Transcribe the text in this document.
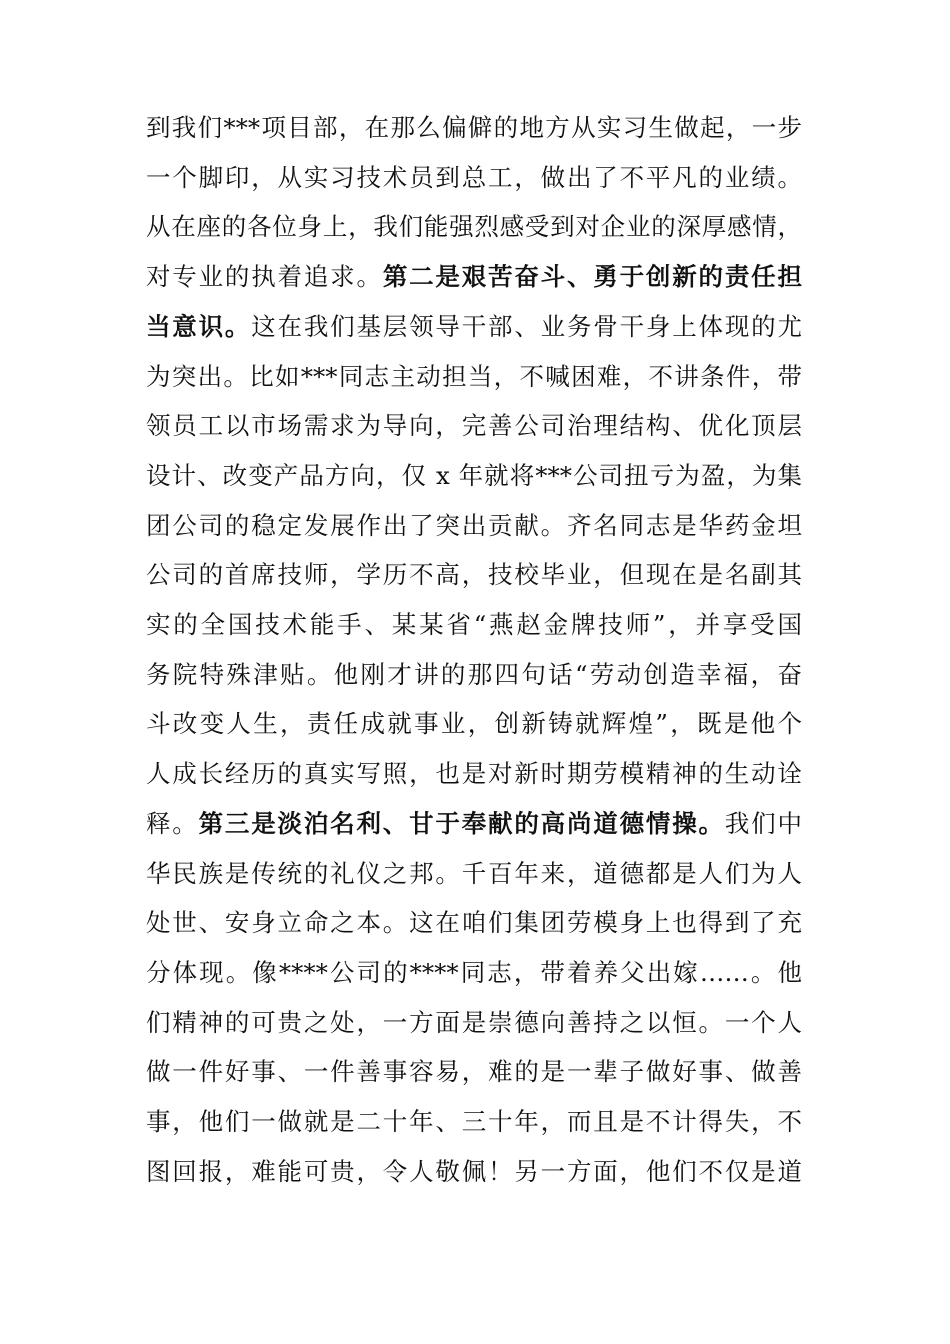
到我们***项目部，在那么偏僻的地方从实习生做起，一步
一个脚印，从实习技术员到总工，做出了不平凡的业绩。
从在座的各位身上，我们能强烈感受到对企业的深厚感情，
对专业的执着追求。第二是艰苦奋斗、勇于创新的责任担
当意识。这在我们基层领导干部、业务骨干身上体现的尤
为突出。比如***同志主动担当，不喊困难，不讲条件，带
领员工以市场需求为导向，完善公司治理结构、优化顶层
设计、改变产品方向，仅 x 年就将***公司扭亏为盈，为集
团公司的稳定发展作出了突出贡献。齐名同志是华药金坦
公司的首席技师，学历不高，技校毕业，但现在是名副其
实的全国技术能手、某某省“燕赵金牌技师”，并享受国
务院特殊津贴。他刚才讲的那四句话“劳动创造幸福，奋
斗改变人生，责任成就事业，创新铸就辉煌”，既是他个
人成长经历的真实写照，也是对新时期劳模精神的生动诠
释。第三是淡泊名利、甘于奉献的高尚道德情操。我们中
华民族是传统的礼仪之邦。千百年来，道德都是人们为人
处世、安身立命之本。这在咱们集团劳模身上也得到了充
分体现。像****公司的****同志，带着养父出嫁……。他
们精神的可贵之处，一方面是崇德向善持之以恒。一个人
做一件好事、一件善事容易，难的是一辈子做好事、做善
事，他们一做就是二十年、三十年，而且是不计得失，不
图回报，难能可贵，令人敬佩！另一方面，他们不仅是道
